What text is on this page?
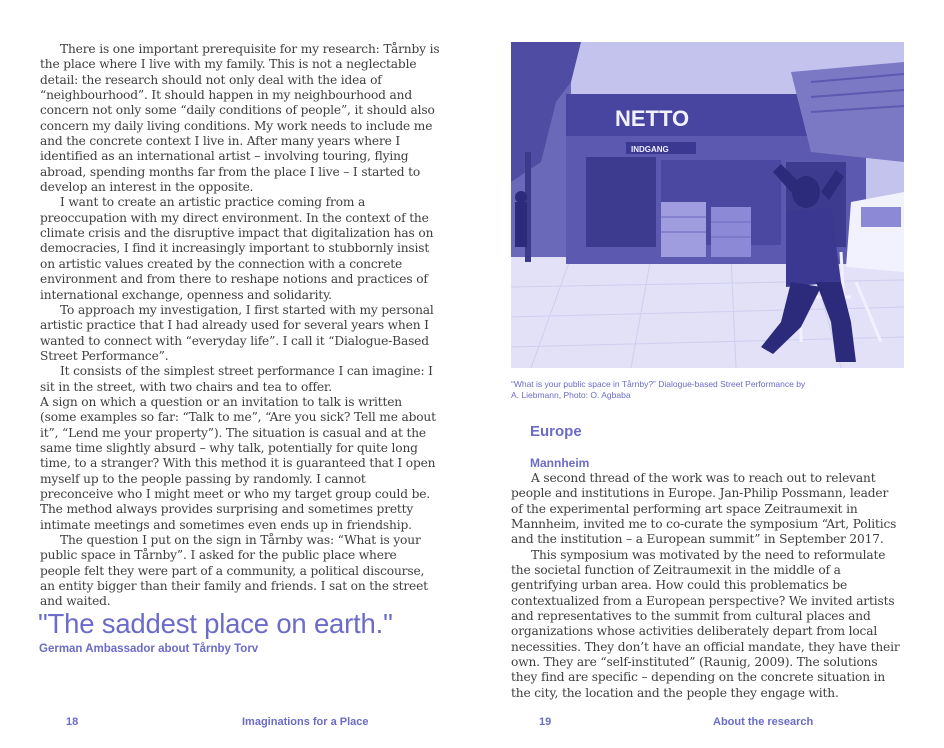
There is one important prerequisite for my research: Tårnby is the place where I live with my family. This is not a neglectable detail: the research should not only deal with the idea of “neighbourhood”. It should happen in my neighbourhood and concern not only some “daily conditions of people”, it should also concern my daily living conditions. My work needs to include me and the concrete context I live in. After many years where I identified as an international artist – involving touring, flying abroad, spending months far from the place I live – I started to develop an interest in the opposite.

I want to create an artistic practice coming from a preoccupation with my direct environment. In the context of the climate crisis and the disruptive impact that digitalization has on democracies, I find it increasingly important to stubbornly insist on artistic values created by the connection with a concrete environment and from there to reshape notions and practices of international exchange, openness and solidarity.

To approach my investigation, I first started with my personal artistic practice that I had already used for several years when I wanted to connect with “everyday life”. I call it “Dialogue-Based Street Performance”.

It consists of the simplest street performance I can imagine: I sit in the street, with two chairs and tea to offer.

A sign on which a question or an invitation to talk is written (some examples so far: “Talk to me”, “Are you sick? Tell me about it”, “Lend me your property”). The situation is casual and at the same time slightly absurd – why talk, potentially for quite long time, to a stranger? With this method it is guaranteed that I open myself up to the people passing by randomly. I cannot preconceive who I might meet or who my target group could be. The method always provides surprising and sometimes pretty intimate meetings and sometimes even ends up in friendship.

The question I put on the sign in Tårnby was: “What is your public space in Tårnby”. I asked for the public place where people felt they were part of a community, a political discourse, an entity bigger than their family and friends. I sat on the street and waited.

"The saddest place on earth."
German Ambassador about Tårnby Torv
18	Imaginations for a Place
NETTO
INDGANG
“What is your public space in Tårnby?” Dialogue-based Street Performance by A. Liebmann, Photo: O. Agbaba
Europe
Mannheim

A second thread of the work was to reach out to relevant people and institutions in Europe. Jan-Philip Possmann, leader of the experimental performing art space Zeitraumexit in Mannheim, invited me to co-curate the symposium “Art, Politics and the institution – a European summit” in September 2017.

This symposium was motivated by the need to reformulate the societal function of Zeitraumexit in the middle of a gentrifying urban area. How could this problematics be contextualized from a European perspective? We invited artists and representatives to the summit from cultural places and organizations whose activities deliberately depart from local necessities. They don’t have an official mandate, they have their own. They are “self-instituted” (Raunig, 2009). The solutions they find are specific – depending on the concrete situation in the city, the location and the people they engage with.

19	About the research
